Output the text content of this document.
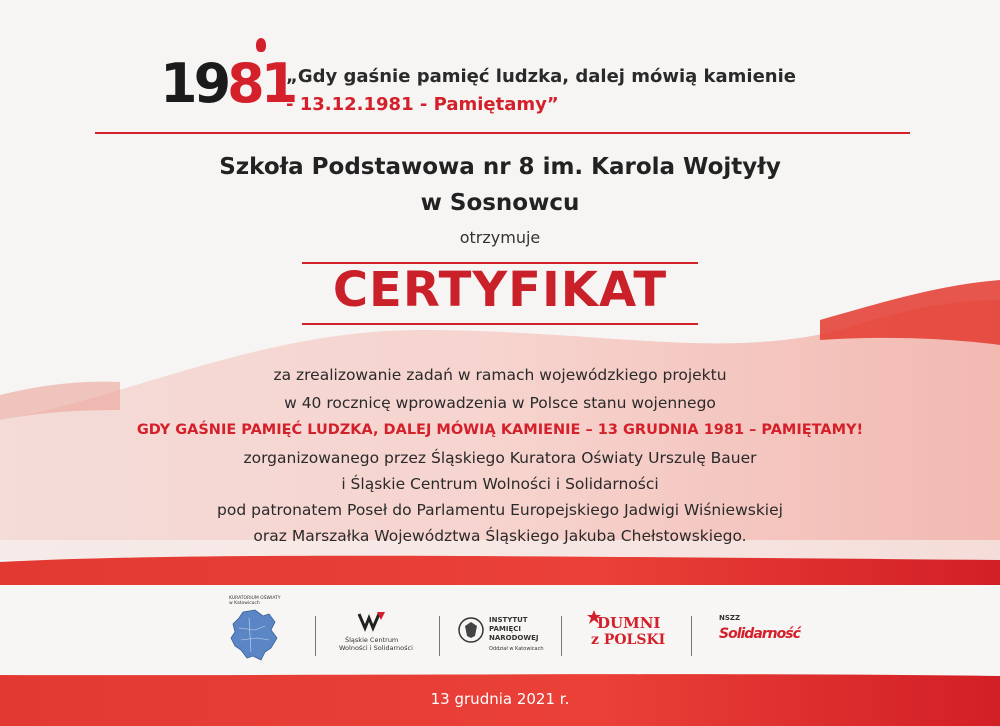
1981
„Gdy gaśnie pamięć ludzka, dalej mówią kamienie
- 13.12.1981 - Pamiętamy”
Szkoła Podstawowa nr 8 im. Karola Wojtyły
w Sosnowcu
otrzymuje
CERTYFIKAT
za zrealizowanie zadań w ramach wojewódzkiego projektu
w 40 rocznicę wprowadzenia w Polsce stanu wojennego
GDY GAŚNIE PAMIĘĆ LUDZKA, DALEJ MÓWIĄ KAMIENIE – 13 GRUDNIA 1981 – PAMIĘTAMY!
zorganizowanego przez Śląskiego Kuratora Oświaty Urszulę Bauer
i Śląskie Centrum Wolności i Solidarności
pod patronatem Poseł do Parlamentu Europejskiego Jadwigi Wiśniewskiej
oraz Marszałka Województwa Śląskiego Jakuba Chełstowskiego.
KURATORIUM OŚWIATY w Katowicach
Śląskie Centrum
Wolności i Solidarności
INSTYTUT
PAMIĘCI
NARODOWEJ
Oddział w Katowicach
DUMNI
z POLSKI
NSZZ
Solidarność
13 grudnia 2021 r.
